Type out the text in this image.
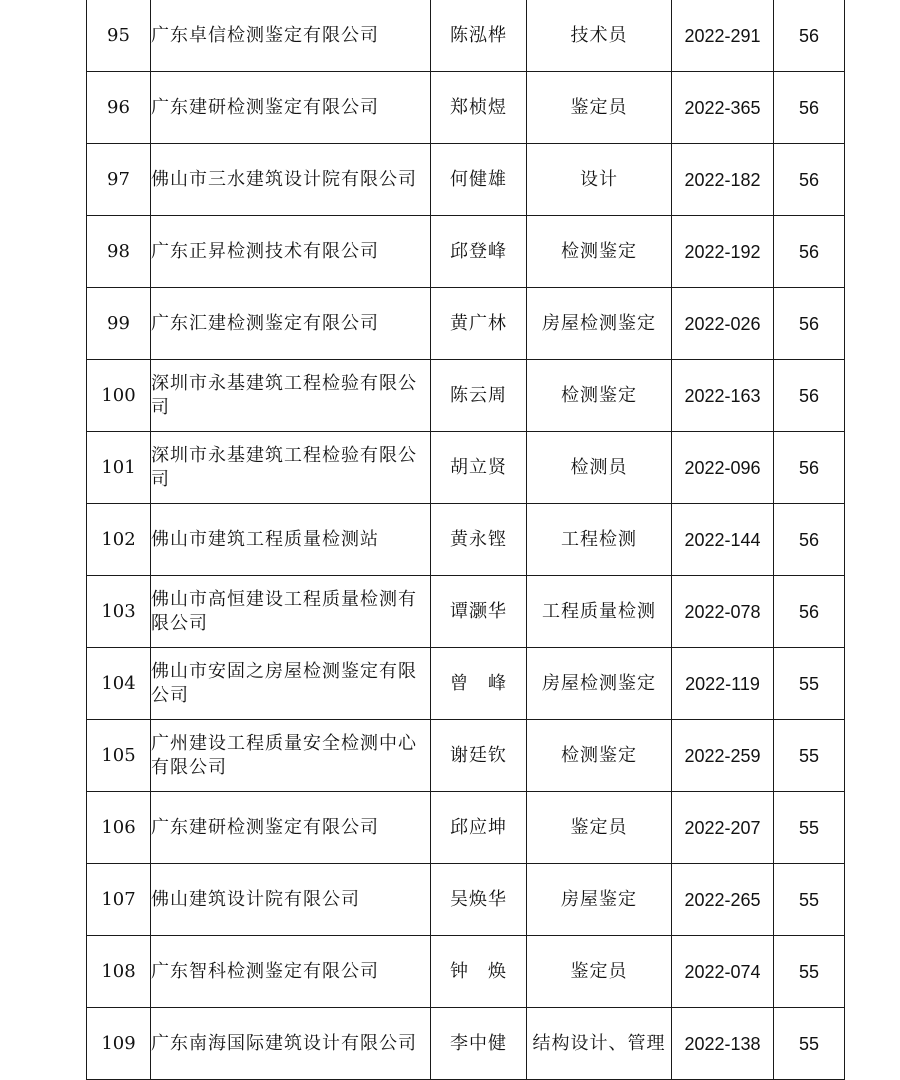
95	广东卓信检测鉴定有限公司	陈泓桦	技术员	2022-291	56

96	广东建研检测鉴定有限公司	郑桢煜	鉴定员	2022-365	56

97	佛山市三水建筑设计院有限公司	何健雄	设计	2022-182	56

98	广东正昇检测技术有限公司	邱登峰	检测鉴定	2022-192	56

99	广东汇建检测鉴定有限公司	黄广林	房屋检测鉴定	2022-026	56

100	深圳市永基建筑工程检验有限公司	陈云周	检测鉴定	2022-163	56

101	深圳市永基建筑工程检验有限公司	胡立贤	检测员	2022-096	56

102	佛山市建筑工程质量检测站	黄永铿	工程检测	2022-144	56

103	佛山市高恒建设工程质量检测有限公司	谭灏华	工程质量检测	2022-078	56

104	佛山市安固之房屋检测鉴定有限公司	曾　峰	房屋检测鉴定	2022-119	55

105	广州建设工程质量安全检测中心有限公司	谢廷钦	检测鉴定	2022-259	55

106	广东建研检测鉴定有限公司	邱应坤	鉴定员	2022-207	55

107	佛山建筑设计院有限公司	吴焕华	房屋鉴定	2022-265	55

108	广东智科检测鉴定有限公司	钟　焕	鉴定员	2022-074	55

109	广东南海国际建筑设计有限公司	李中健	结构设计、管理	2022-138	55
